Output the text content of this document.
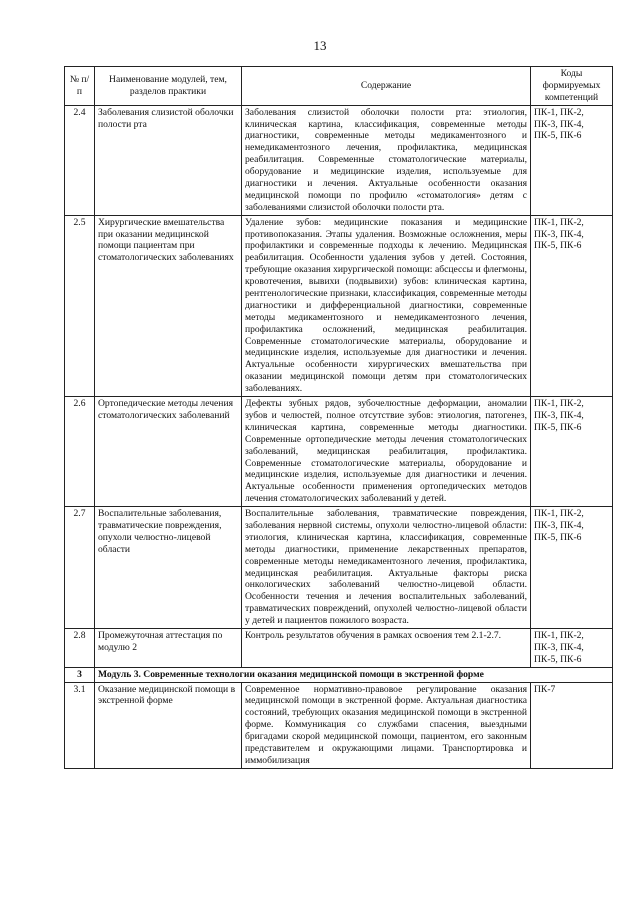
13
№ п/п	Наименование модулей, тем, разделов практики	Содержание	Коды формируемых компетенций
2.4	Заболевания слизистой оболочки полости рта	Заболевания слизистой оболочки полости рта: этиология, клиническая картина, классификация, современные методы диагностики, современные методы медикаментозного и немедикаментозного лечения, профилактика, медицинская реабилитация. Современные стоматологические материалы, оборудование и медицинские изделия, используемые для диагностики и лечения. Актуальные особенности оказания медицинской помощи по профилю «стоматология» детям с заболеваниями слизистой оболочки полости рта.	ПК-1, ПК-2, ПК-3, ПК-4, ПК-5, ПК-6
2.5	Хирургические вмешательства при оказании медицинской помощи пациентам при стоматологических заболеваниях	Удаление зубов: медицинские показания и медицинские противопоказания. Этапы удаления. Возможные осложнения, меры профилактики и современные подходы к лечению. Медицинская реабилитация. Особенности удаления зубов у детей. Состояния, требующие оказания хирургической помощи: абсцессы и флегмоны, кровотечения, вывихи (подвывихи) зубов: клиническая картина, рентгенологические признаки, классификация, современные методы диагностики и дифференциальной диагностики, современные методы медикаментозного и немедикаментозного лечения, профилактика осложнений, медицинская реабилитация. Современные стоматологические материалы, оборудование и медицинские изделия, используемые для диагностики и лечения. Актуальные особенности хирургических вмешательства при оказании медицинской помощи детям при стоматологических заболеваниях.	ПК-1, ПК-2, ПК-3, ПК-4, ПК-5, ПК-6
2.6	Ортопедические методы лечения стоматологических заболеваний	Дефекты зубных рядов, зубочелюстные деформации, аномалии зубов и челюстей, полное отсутствие зубов: этиология, патогенез, клиническая картина, современные методы диагностики. Современные ортопедические методы лечения стоматологических заболеваний, медицинская реабилитация, профилактика. Современные стоматологические материалы, оборудование и медицинские изделия, используемые для диагностики и лечения. Актуальные особенности применения ортопедических методов лечения стоматологических заболеваний у детей.	ПК-1, ПК-2, ПК-3, ПК-4, ПК-5, ПК-6
2.7	Воспалительные заболевания, травматические повреждения, опухоли челюстно-лицевой области	Воспалительные заболевания, травматические повреждения, заболевания нервной системы, опухоли челюстно-лицевой области: этиология, клиническая картина, классификация, современные методы диагностики, применение лекарственных препаратов, современные методы немедикаментозного лечения, профилактика, медицинская реабилитация. Актуальные факторы риска онкологических заболеваний челюстно-лицевой области. Особенности течения и лечения воспалительных заболеваний, травматических повреждений, опухолей челюстно-лицевой области у детей и пациентов пожилого возраста.	ПК-1, ПК-2, ПК-3, ПК-4, ПК-5, ПК-6
2.8	Промежуточная аттестация по модулю 2	Контроль результатов обучения в рамках освоения тем 2.1-2.7.	ПК-1, ПК-2, ПК-3, ПК-4, ПК-5, ПК-6
3	Модуль 3. Современные технологии оказания медицинской помощи в экстренной форме		
3.1	Оказание медицинской помощи в экстренной форме	Современное нормативно-правовое регулирование оказания медицинской помощи в экстренной форме. Актуальная диагностика состояний, требующих оказания медицинской помощи в экстренной форме. Коммуникация со службами спасения, выездными бригадами скорой медицинской помощи, пациентом, его законным представителем и окружающими лицами. Транспортировка и иммобилизация	ПК-7
